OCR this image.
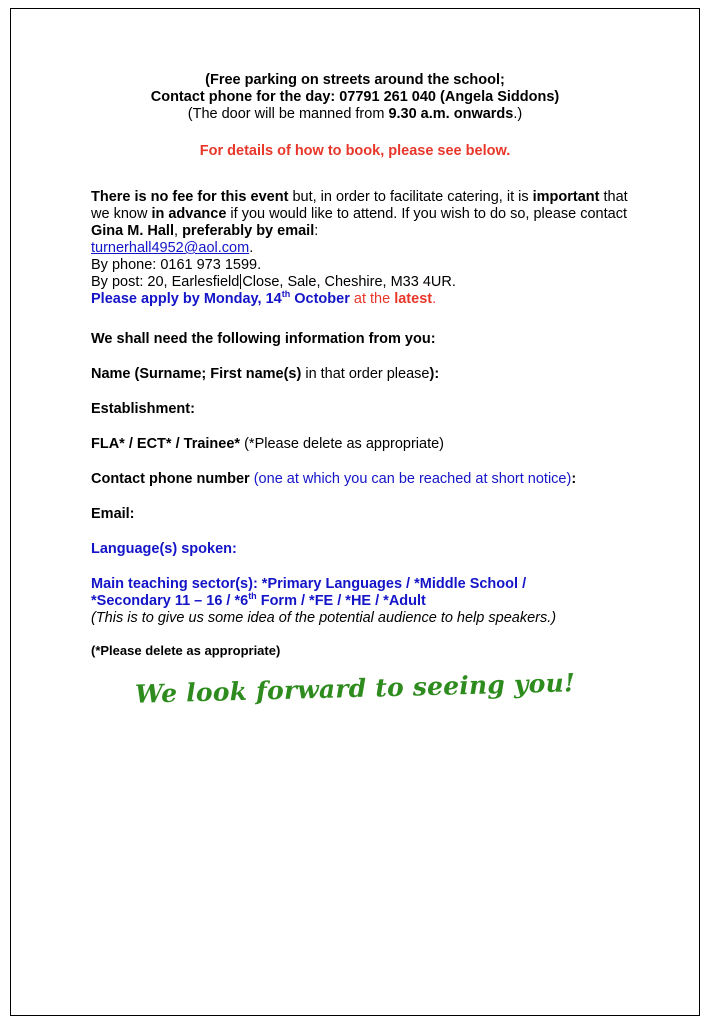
(Free parking on streets around the school;
Contact phone for the day: 07791 261 040 (Angela Siddons)
(The door will be manned from 9.30 a.m. onwards.)
For details of how to book, please see below.
There is no fee for this event but, in order to facilitate catering, it is important that we know in advance if you would like to attend. If you wish to do so, please contact Gina M. Hall, preferably by email:
turnerhall4952@aol.com.
By phone: 0161 973 1599.
By post: 20, Earlesfield Close, Sale, Cheshire, M33 4UR.
Please apply by Monday, 14th October at the latest.
We shall need the following information from you:
Name (Surname; First name(s) in that order please):
Establishment:
FLA* / ECT* / Trainee* (*Please delete as appropriate)
Contact phone number (one at which you can be reached at short notice):
Email:
Language(s) spoken:
Main teaching sector(s): *Primary Languages / *Middle School /
*Secondary 11 – 16 / *6th Form / *FE / *HE / *Adult
(This is to give us some idea of the potential audience to help speakers.)
(*Please delete as appropriate)
We look forward to seeing you!
